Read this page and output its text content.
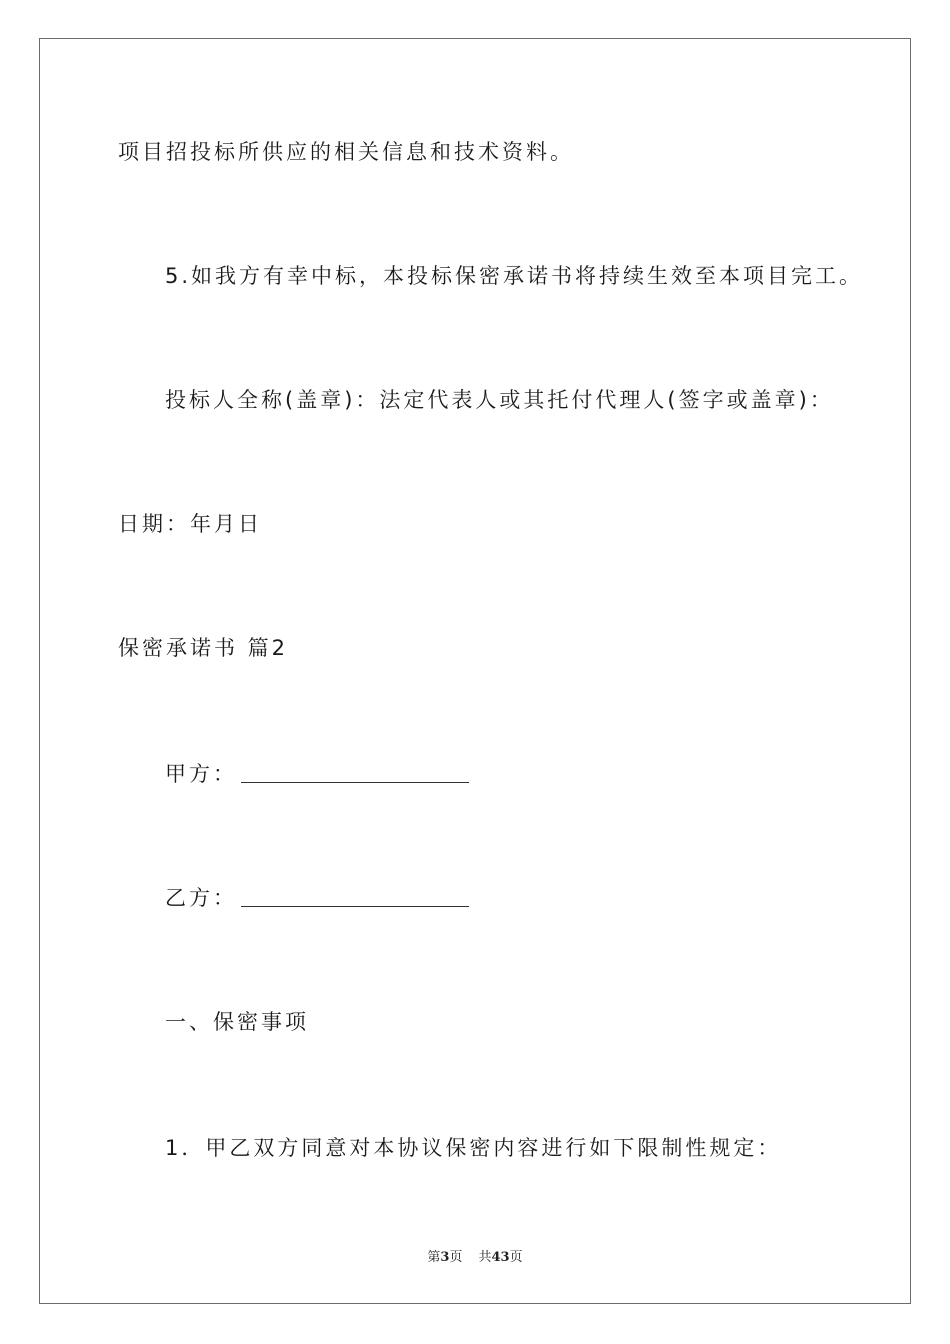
项目招投标所供应的相关信息和技术资料。
5.如我方有幸中标，本投标保密承诺书将持续生效至本项目完工。
投标人全称(盖章)：法定代表人或其托付代理人(签字或盖章)：
日期：年月日
保密承诺书 篇2
甲方：
乙方：
一、保密事项
1．甲乙双方同意对本协议保密内容进行如下限制性规定：
第3页 共43页
